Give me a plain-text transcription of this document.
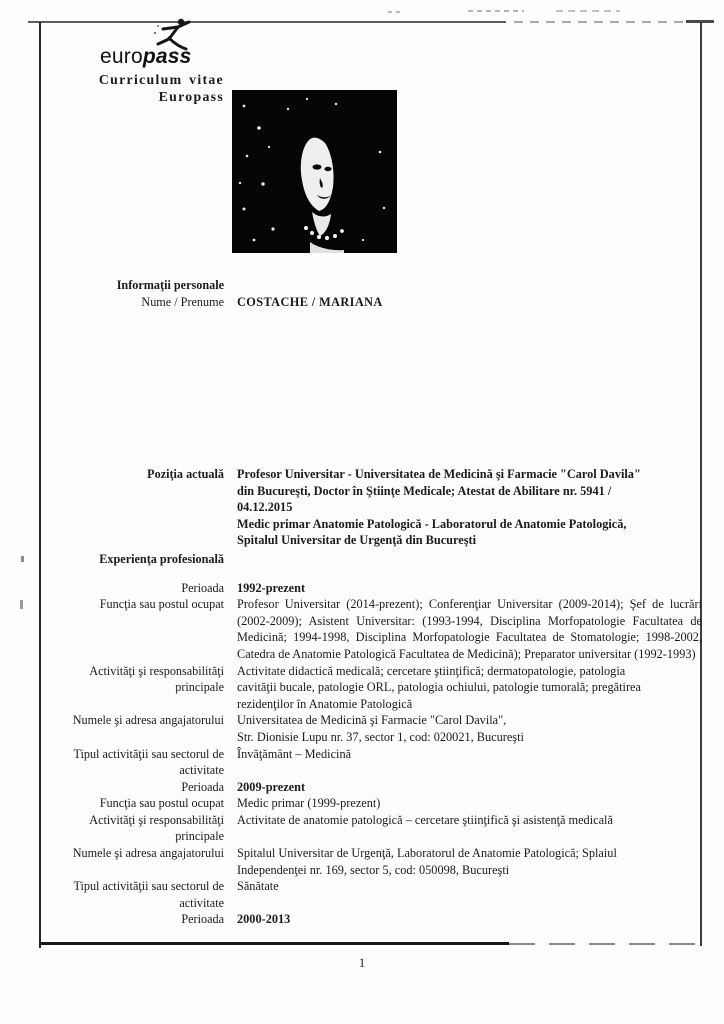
europass
Curriculum vitae
Europass
Informaţii personale
Nume / Prenume COSTACHE / MARIANA
Poziţia actuală Profesor Universitar - Universitatea de Medicină şi Farmacie "Carol Davila"
din Bucureşti, Doctor în Ştiinţe Medicale; Atestat de Abilitare nr. 5941 /
04.12.2015
Medic primar Anatomie Patologică - Laboratorul de Anatomie Patologică,
Spitalul Universitar de Urgenţă din Bucureşti
Experienţa profesională
Perioada 1992-prezent
Funcţia sau postul ocupat Profesor Universitar (2014-prezent); Conferenţiar Universitar (2009-2014); Şef de lucrări (2002-2009); Asistent Universitar: (1993-1994, Disciplina Morfopatologie Facultatea de Medicină; 1994-1998, Disciplina Morfopatologie Facultatea de Stomatologie; 1998-2002, Catedra de Anatomie Patologică Facultatea de Medicină); Preparator universitar (1992-1993)
Activităţi şi responsabilităţi principale
Activitate didactică medicală; cercetare ştiinţifică; dermatopatologie, patologia
cavităţii bucale, patologie ORL, patologia ochiului, patologie tumorală; pregătirea
rezidenţilor în Anatomie Patologică
Numele şi adresa angajatorului Universitatea de Medicină şi Farmacie "Carol Davila",
Str. Dionisie Lupu nr. 37, sector 1, cod: 020021, Bucureşti
Tipul activităţii sau sectorul de activitate
Învăţământ – Medicină
Perioada 2009-prezent
Funcţia sau postul ocupat Medic primar (1999-prezent)
Activităţi şi responsabilităţi principale
Activitate de anatomie patologică – cercetare ştiinţifică şi asistenţă medicală
Numele şi adresa angajatorului Spitalul Universitar de Urgenţă, Laboratorul de Anatomie Patologică; Splaiul
Independenţei nr. 169, sector 5, cod: 050098, Bucureşti
Tipul activităţii sau sectorul de activitate
Sănătate
Perioada 2000-2013
1
